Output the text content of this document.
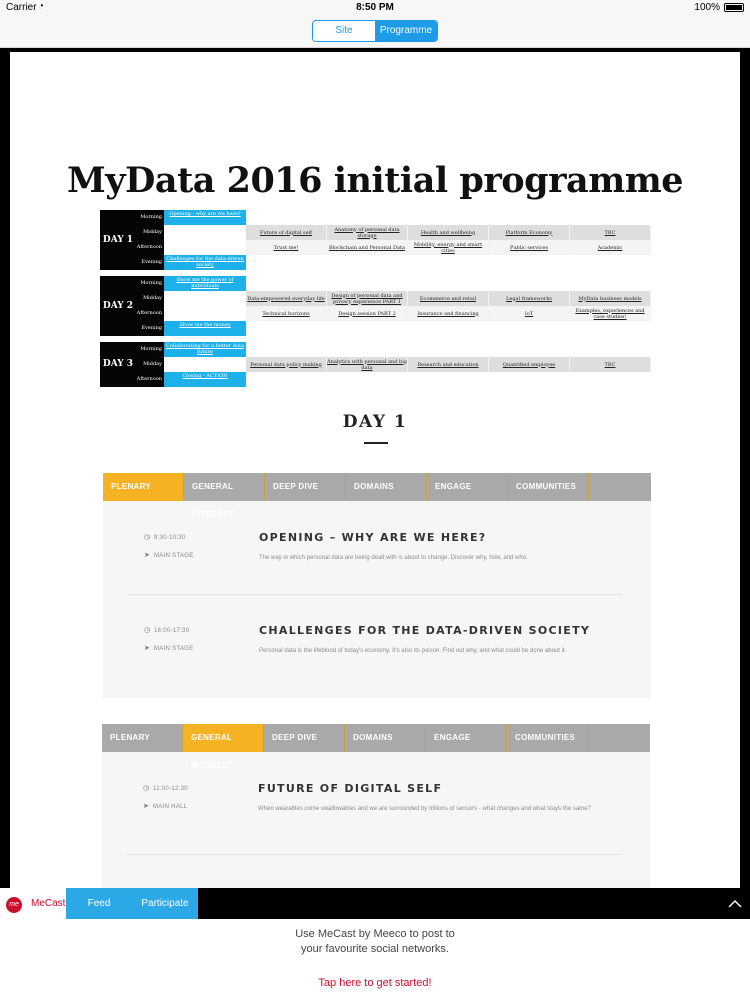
Carrier ◔	8:50 PM	100%
Site	Programme
MyData 2016 initial programme
DAY 1
Morning	Opening - why are we here?
Midday	Future of digital self	Anatomy of personal data storage	Health and wellbeing	Platform Economy	TBC
Afternoon	Trust me!	Blockchain and Personal Data	Mobility, energy and smart cities	Public services	Academic
Evening Challenges for the data-driven society
DAY 2
Morning	Show me the power of individuals
Midday	Data-empowered everyday life	Design of personal data and privacy experience PART 1	Ecommerce and retail	Legal frameworks	MyData business models
Afternoon	Technical horizons	Design session PART 2	Insurance and financing	IoT	Examples, experiences and case studies!
Evening	Show me the money
DAY 3
Morning Collaborating for a better data future
Midday	Personal data policy making	Analytics with personal and big data	Research and education	Quantified employee	TBC
Afternoon	Closing - ACTION
DAY 1
PLENARY	GENERAL INTEREST
DEEP DIVE	DOMAINS	ENGAGE	COMMUNITIES
◷ 9:30-10:30
➤ MAIN STAGE
OPENING – WHY ARE WE HERE?
The way in which personal data are being dealt with is about to change. Discover why, how, and who.
◷ 16:00-17:30
➤ MAIN STAGE
CHALLENGES FOR THE DATA-DRIVEN SOCIETY
Personal data is the lifeblood of today's economy. It's also its poison. Find out why, and what could be done about it.
PLENARY	GENERAL INTEREST
DEEP DIVE	DOMAINS	ENGAGE	COMMUNITIES
◷ 11:00-12:30
➤ MAIN HALL
FUTURE OF DIGITAL SELF
When wearables come swallowables and we are surrounded by trillions of sensors - what changes and what stays the same?
me	MeCast	Feed	Participate
Use MeCast by Meeco to post to
your favourite social networks.
Tap here to get started!
